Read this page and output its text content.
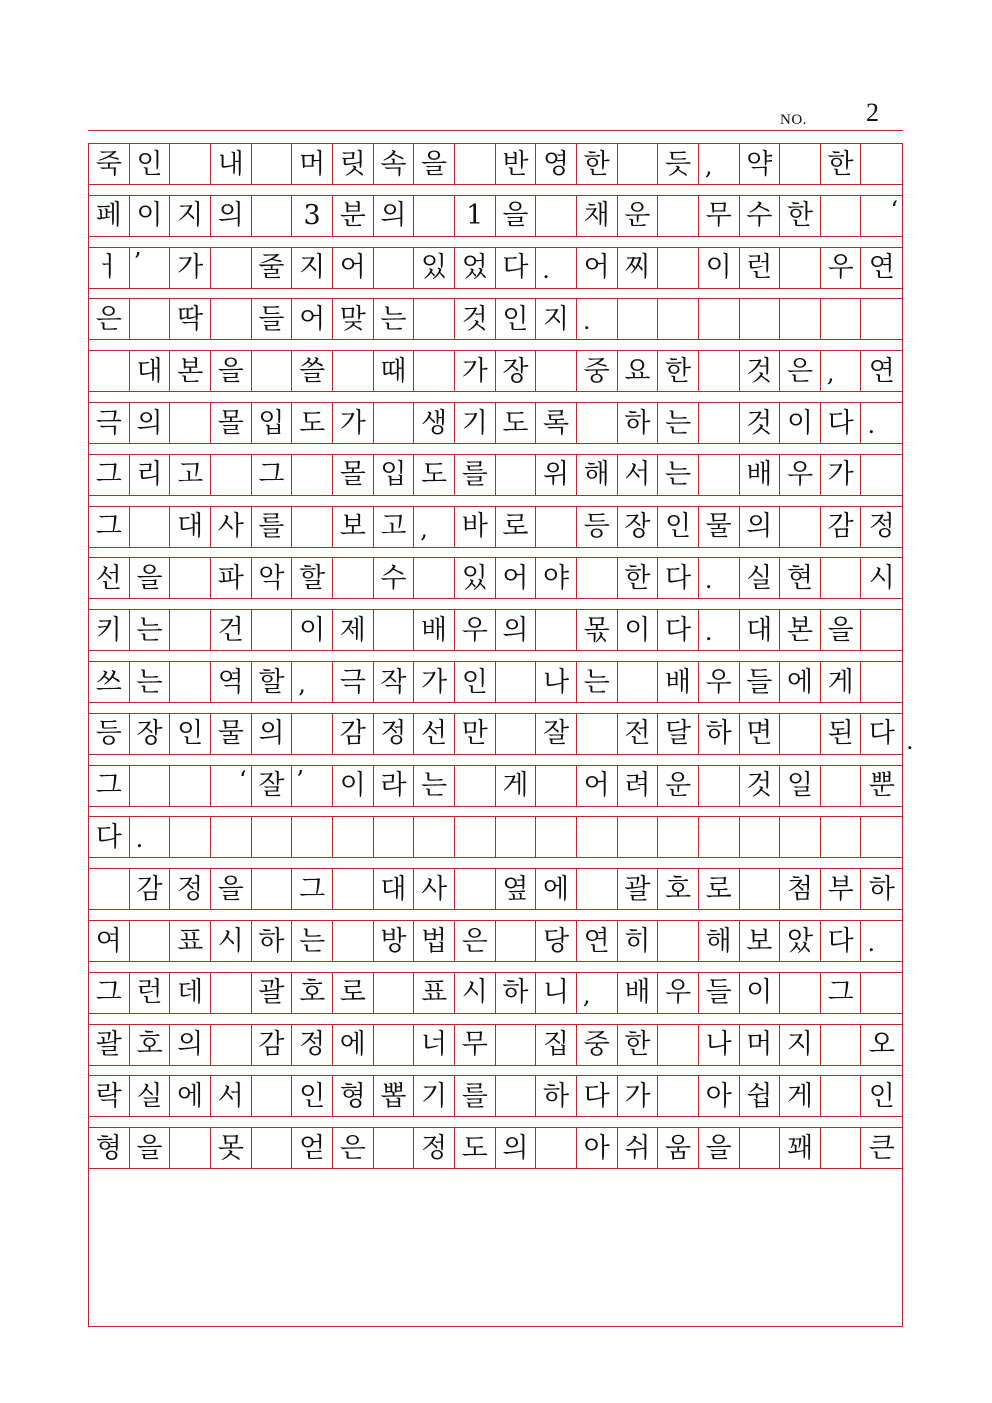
NO. 2
죽 인 내 머 릿 속 을 반 영 한 듯 ,	약 한
페 이 지 의	3 분 의	1 을 채 운 무 수 한	‘
ㅓ ’	가 줄 지 어 있 었 다 .	어 찌 이 런 우 연
은 딱 들 어 맞 는 것 인 지 .
대 본 을 쓸 때 가 장 중 요 한 것 은 ,	연
극 의 몰 입 도 가 생 기 도 록 하 는 것 이 다 .
그 리 고 그 몰 입 도 를 위 해 서 는 배 우 가
그 대 사 를 보 고 ,	바 로 등 장 인 물 의 감 정
선 을 파 악 할 수 있 어 야 한 다 .	실 현 시
키 는 건 이 제 배 우 의 몫 이 다 .	대 본 을
쓰 는 역 할 ,	극 작 가 인 나 는 배 우 들 에 게
등 장 인 물 의 감 정 선 만 잘 전 달 하 면 된 다
그	‘ 잘 ’	이 라 는 게 어 려 운 것 일 뿐
다 .
감 정 을 그 대 사 옆 에 괄 호 로 첨 부 하
여 표 시 하 는 방 법 은 당 연 히 해 보 았 다 .
그 런 데 괄 호 로 표 시 하 니 ,	배 우 들 이 그
괄 호 의 감 정 에 너 무 집 중 한 나 머 지 오
락 실 에 서 인 형 뽑 기 를 하 다 가 아 쉽 게 인
형 을 못 얻 은 정 도 의 아 쉬 움 을 꽤 큰
.
